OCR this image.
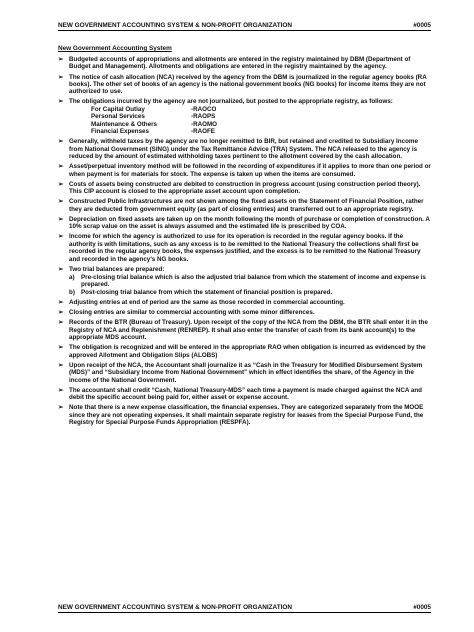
NEW GOVERNMENT ACCOUNTING SYSTEM & NON-PROFIT ORGANIZATION	#0005
New Government Accounting System
➢ Budgeted accounts of appropriations and allotments are entered in the registry maintained by DBM (Department of Budget and Management). Allotments and obligations are entered in the registry maintained by the agency.
➢ The notice of cash allocation (NCA) received by the agency from the DBM is journalized in the regular agency books (RA books). The other set of books of an agency is the national government books (NG books) for income items they are not authorized to use.
➢ The obligations incurred by the agency are not journalized, but posted to the appropriate registry, as follows:
For Capital Outlay	-RAOCO
Personal Services	-RAOPS
Maintenance & Others	-RAOMO
Financial Expenses	-RAOFE
➢ Generally, withheld taxes by the agency are no longer remitted to BIR, but retained and credited to Subsidiary Income from National Government (SING) under the Tax Remittance Advice (TRA) System. The NCA released to the agency is reduced by the amount of estimated withholding taxes pertinent to the allotment covered by the cash allocation.
➢ Asset/perpetual inventory method will be followed in the recording of expenditures if it applies to more than one period or when payment is for materials for stock. The expense is taken up when the items are consumed.
➢ Costs of assets being constructed are debited to construction in progress account (using construction period theory). This CIP account is closed to the appropriate asset account upon completion.
➢ Constructed Public Infrastructures are not shown among the fixed assets on the Statement of Financial Position, rather they are deducted from government equity (as part of closing entries) and transferred out to an appropriate registry.
➢ Depreciation on fixed assets are taken up on the month following the month of purchase or completion of construction. A 10% scrap value on the asset is always assumed and the estimated life is prescribed by COA.
➢ Income for which the agency is authorized to use for its operation is recorded in the regular agency books. If the authority is with limitations, such as any excess is to be remitted to the National Treasury the collections shall first be recorded in the regular agency books, the expenses justified, and the excess is to be remitted to the National Treasury and recorded in the agency’s NG books.
➢ Two trial balances are prepared:
a)	Pre-closing trial balance which is also the adjusted trial balance from which the statement of income and expense is prepared.
b) Post-closing trial balance from which the statement of financial position is prepared.
➢ Adjusting entries at end of period are the same as those recorded in commercial accounting.
➢ Closing entries are similar to commercial accounting with some minor differences.
➢ Records of the BTR (Bureau of Treasury). Upon receipt of the copy of the NCA from the DBM, the BTR shall enter it in the Registry of NCA and Replenishment (RENREP). It shall also enter the transfer of cash from its bank account(s) to the appropriate MDS account.
➢ The obligation is recognized and will be entered in the appropriate RAO when obligation is incurred as evidenced by the approved Allotment and Obligation Slips (ALOBS)
➢ Upon receipt of the NCA, the Accountant shall journalize it as “Cash in the Treasury for Modified Disbursement System (MDS)” and “Subsidiary Income from National Government” which in effect identifies the share, of the Agency in the income of the National Government.
➢ The accountant shall credit “Cash, National Treasury-MDS” each time a payment is made charged against the NCA and debit the specific account being paid for, either asset or expense account.
➢ Note that there is a new expense classification, the financial expenses. They are categorized separately from the MOOE since they are not operating expenses. It shall maintain separate registry for leases from the Special Purpose Fund, the Registry for Special Purpose Funds Appropriation (RESPFA).
NEW GOVERNMENT ACCOUNTING SYSTEM & NON-PROFIT ORGANIZATION	#0005
